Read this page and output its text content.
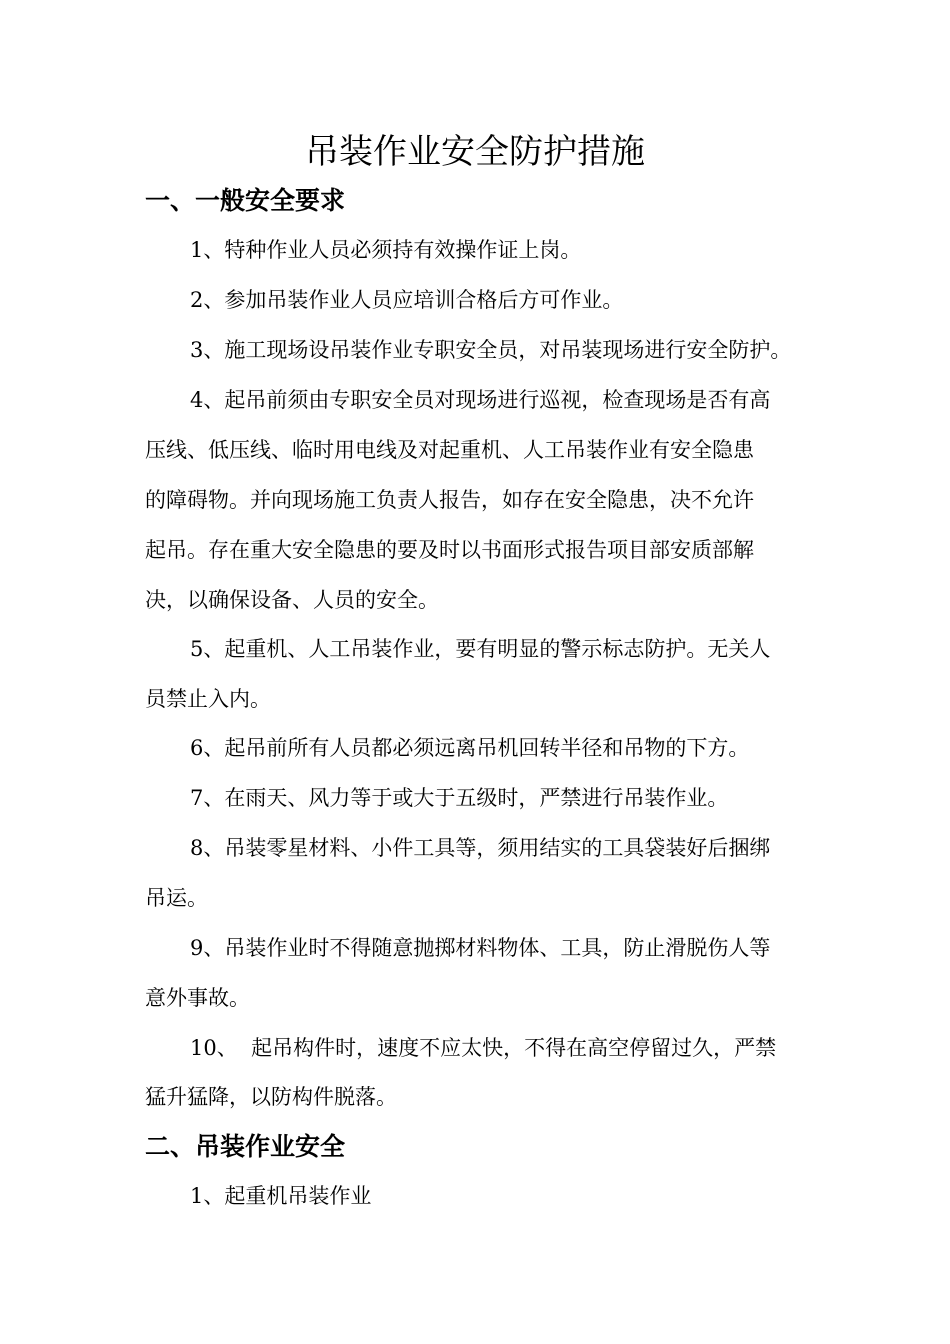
吊装作业安全防护措施
一、一般安全要求

1、特种作业人员必须持有效操作证上岗。

2、参加吊装作业人员应培训合格后方可作业。

3、施工现场设吊装作业专职安全员，对吊装现场进行安全防护。

4、起吊前须由专职安全员对现场进行巡视，检查现场是否有高

压线、低压线、临时用电线及对起重机、人工吊装作业有安全隐患

的障碍物。并向现场施工负责人报告，如存在安全隐患，决不允许

起吊。存在重大安全隐患的要及时以书面形式报告项目部安质部解

决，以确保设备、人员的安全。

5、起重机、人工吊装作业，要有明显的警示标志防护。无关人

员禁止入内。

6、起吊前所有人员都必须远离吊机回转半径和吊物的下方。

7、在雨天、风力等于或大于五级时，严禁进行吊装作业。

8、吊装零星材料、小件工具等，须用结实的工具袋装好后捆绑

吊运。

9、吊装作业时不得随意抛掷材料物体、工具，防止滑脱伤人等

意外事故。

10、  起吊构件时，速度不应太快，不得在高空停留过久，严禁

猛升猛降，以防构件脱落。

二、吊装作业安全

1、起重机吊装作业
